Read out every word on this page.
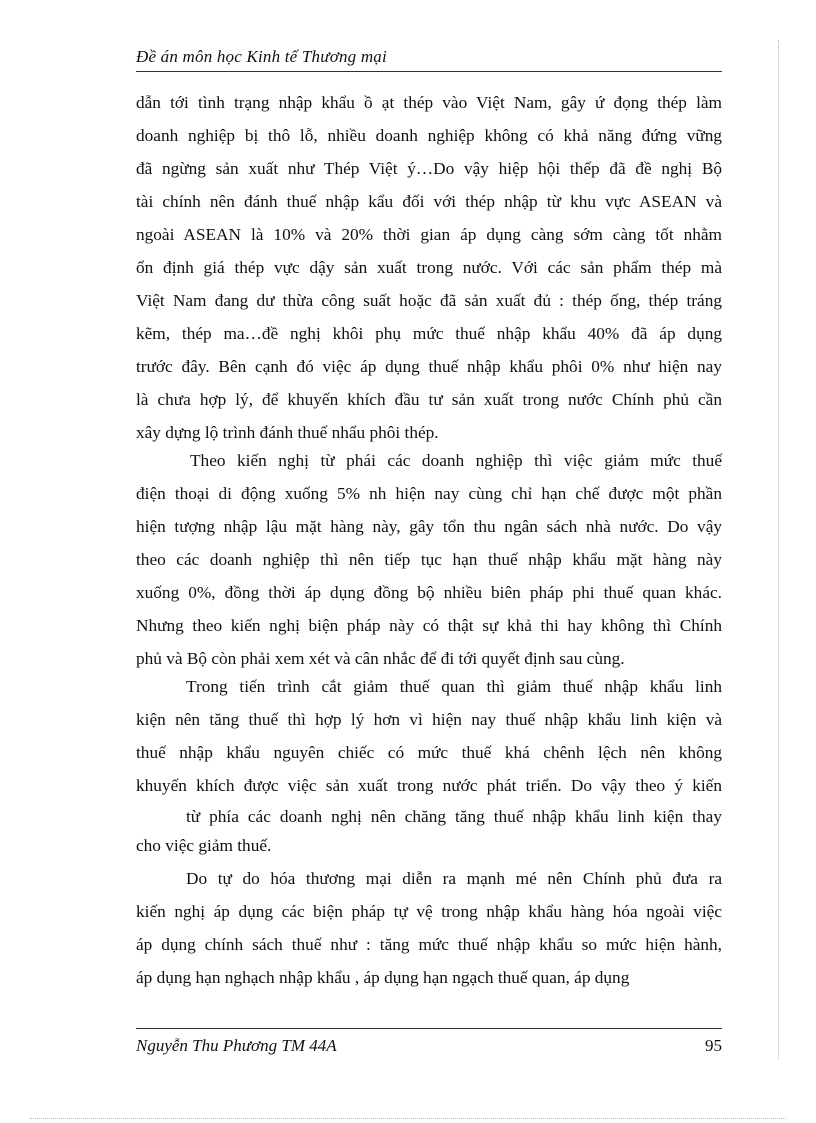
Đề án môn học Kinh tế Thương mại
dẫn tới tình trạng nhập khẩu ồ ạt thép vào Việt Nam, gây ứ đọng thép làm
doanh nghiệp bị thô lỗ, nhiều doanh nghiệp không có khả năng đứng vững
đã ngừng sản xuất như Thép Việt ý…Do vậy hiệp hội thếp đã đề nghị Bộ
tài chính nên đánh thuế nhập kẩu đối với thép nhập từ khu vực ASEAN và
ngoài ASEAN là 10% và 20% thời gian áp dụng càng sớm càng tốt nhằm
ổn định giá thép vực dậy sản xuất trong nước. Với các sản phẩm thép mà
Việt Nam đang dư thừa công suất hoặc đã sản xuất đủ : thép ống, thép tráng
kẽm, thép ma…đề nghị khôi phụ mức thuế nhập khẩu 40% đã áp dụng
trước đây. Bên cạnh đó việc áp dụng thuế nhập khẩu phôi 0% như hiện nay
là chưa hợp lý, để khuyến khích đầu tư sản xuất trong nước Chính phủ cần
xây dựng lộ trình đánh thuế nhẩu phôi thép.
Theo kiến nghị từ phái các doanh nghiệp thì việc giảm mức thuế
điện thoại di động xuống 5% nh hiện nay cùng chỉ hạn chế được một phần
hiện tượng nhập lậu mặt hàng này, gây tổn thu ngân sách nhà nước. Do vậy
theo các doanh nghiệp thì nên tiếp tục hạn thuế nhập khẩu mặt hàng này
xuống 0%, đồng thời áp dụng đồng bộ nhiều biên pháp phi thuế quan khác.
Nhưng theo kiến nghị biện pháp này có thật sự khả thi hay không thì Chính
phủ và Bộ còn phải xem xét và cân nhắc để đi tới quyết định sau cùng.
Trong tiến trình cắt giảm thuế quan thì giảm thuế nhập khẩu linh
kiện nên tăng thuế thì hợp lý hơn vì hiện nay thuế nhập khẩu linh kiện và
thuế nhập khẩu nguyên chiếc có mức thuế khá chênh lệch nên không
khuyến khích được việc sản xuất trong nước phát triển. Do vậy theo ý kiến
từ phía các doanh nghị nên chăng tăng thuế nhập khẩu linh kiện thay
cho việc giảm thuế.
Do tự do hóa thương mại diễn ra mạnh mé nên Chính phủ đưa ra
kiến nghị áp dụng các biện pháp tự vệ trong nhập khẩu hàng hóa ngoài việc
áp dụng chính sách thuế như : tăng mức thuế nhập khẩu so mức hiện hành,
áp dụng hạn nghạch nhập khẩu , áp dụng hạn ngạch thuế quan, áp dụng
Nguyễn Thu Phương TM 44A	95
